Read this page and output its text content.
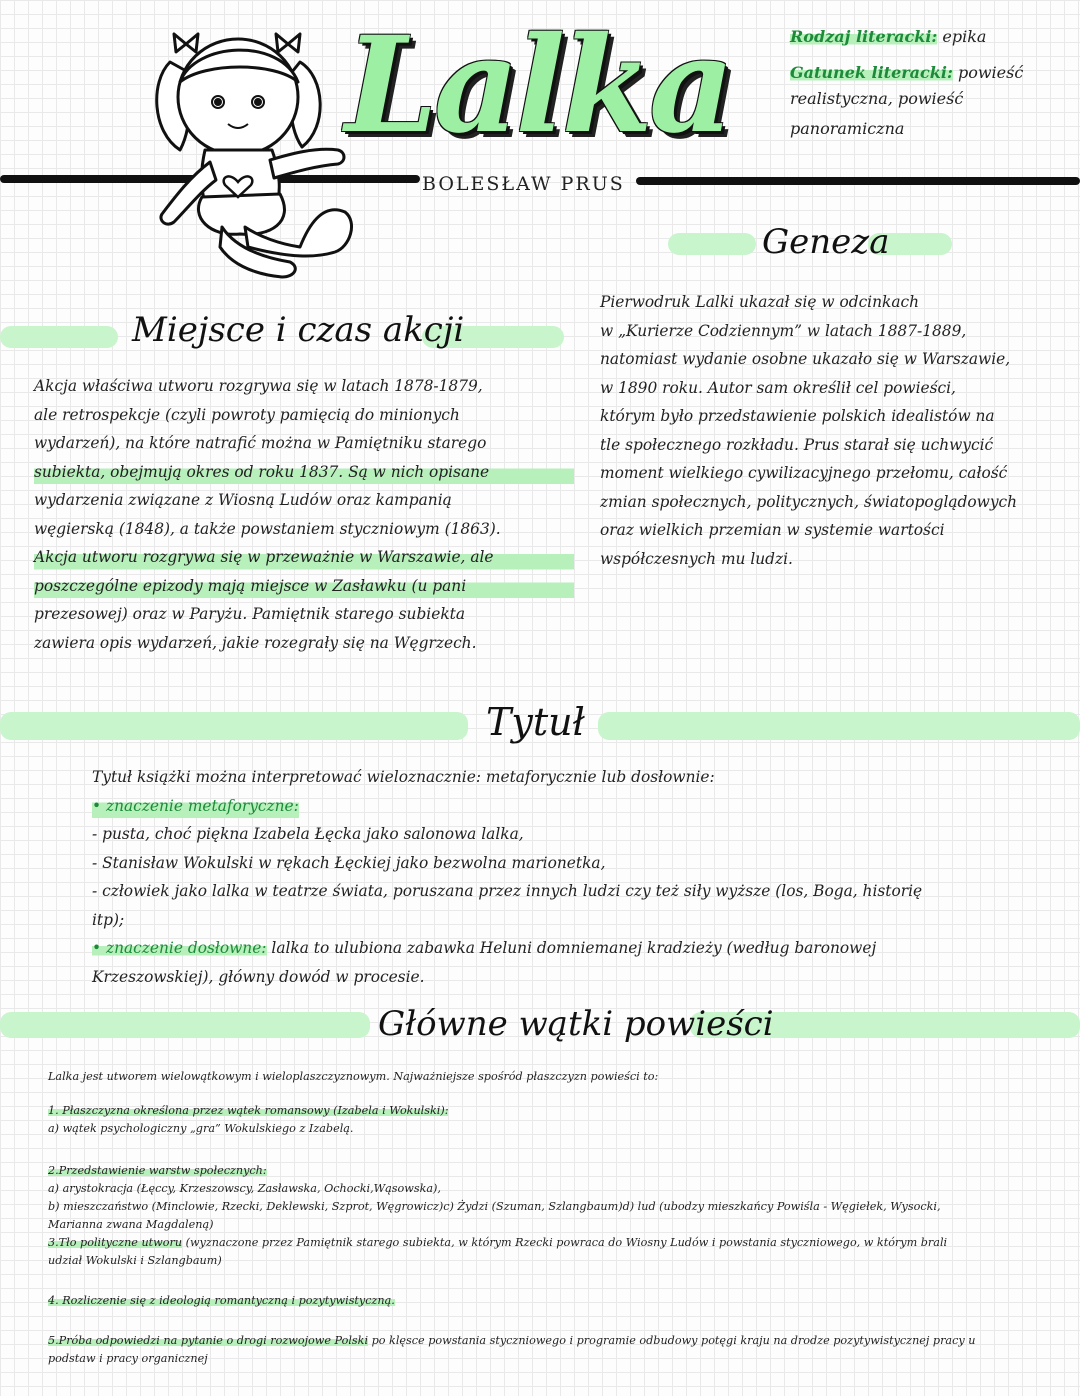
Lalka
BOLESŁAW PRUS
Rodzaj literacki: epika
Gatunek literacki: powieść
realistyczna, powieść panoramiczna
Geneza
Pierwodruk Lalki ukazał się w odcinkach
w „Kurierze Codziennym” w latach 1887-1889,
natomiast wydanie osobne ukazało się w Warszawie,
w 1890 roku. Autor sam określił cel powieści,
którym było przedstawienie polskich idealistów na
tle społecznego rozkładu. Prus starał się uchwycić
moment wielkiego cywilizacyjnego przełomu, całość
zmian społecznych, politycznych, światopoglądowych
oraz wielkich przemian w systemie wartości
współczesnych mu ludzi.
Miejsce i czas akcji
Akcja właściwa utworu rozgrywa się w latach 1878-1879,
ale retrospekcje (czyli powroty pamięcią do minionych
wydarzeń), na które natrafić można w Pamiętniku starego
subiekta, obejmują okres od roku 1837. Są w nich opisane
wydarzenia związane z Wiosną Ludów oraz kampanią
węgierską (1848), a także powstaniem styczniowym (1863).
Akcja utworu rozgrywa się w przeważnie w Warszawie, ale
poszczególne epizody mają miejsce w Zasławku (u pani
prezesowej) oraz w Paryżu. Pamiętnik starego subiekta
zawiera opis wydarzeń, jakie rozegrały się na Węgrzech.
Tytuł
Tytuł książki można interpretować wieloznacznie: metaforycznie lub dosłownie:
• znaczenie metaforyczne:
- pusta, choć piękna Izabela Łęcka jako salonowa lalka,
- Stanisław Wokulski w rękach Łęckiej jako bezwolna marionetka,
- człowiek jako lalka w teatrze świata, poruszana przez innych ludzi czy też siły wyższe (los, Boga, historię
itp);
• znaczenie dosłowne: lalka to ulubiona zabawka Heluni domniemanej kradzieży (według baronowej
Krzeszowskiej), główny dowód w procesie.
Główne wątki powieści
Lalka jest utworem wielowątkowym i wieloplaszczyznowym. Najważniejsze spośród płaszczyzn powieści to:
1. Płaszczyzna określona przez wątek romansowy (Izabela i Wokulski):
a) wątek psychologiczny „gra” Wokulskiego z Izabelą.
2.Przedstawienie warstw społecznych:
a) arystokracja (Łęccy, Krzeszowscy, Zasławska, Ochocki,Wąsowska),
b) mieszczaństwo (Minclowie, Rzecki, Deklewski, Szprot, Węgrowicz)c) Żydzi (Szuman, Szlangbaum)d) lud (ubodzy mieszkańcy Powiśla - Węgiełek, Wysocki,
Marianna zwana Magdaleną)
3.Tło polityczne utworu (wyznaczone przez Pamiętnik starego subiekta, w którym Rzecki powraca do Wiosny Ludów i powstania styczniowego, w którym brali
udział Wokulski i Szlangbaum)
4. Rozliczenie się z ideologią romantyczną i pozytywistyczną.
5.Próba odpowiedzi na pytanie o drogi rozwojowe Polski po klęsce powstania styczniowego i programie odbudowy potęgi kraju na drodze pozytywistycznej pracy u
podstaw i pracy organicznej
